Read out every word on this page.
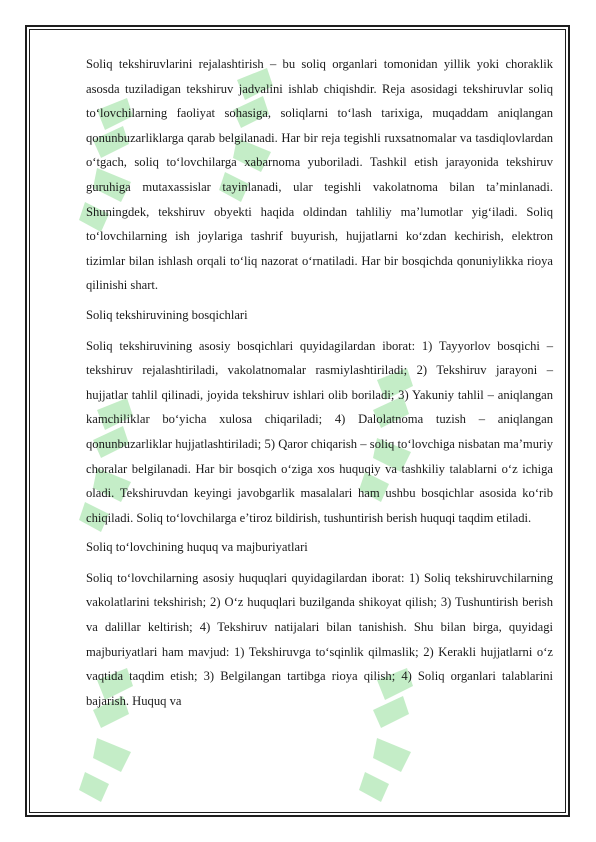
Soliq tekshiruvlarini rejalashtirish – bu soliq organlari tomonidan yillik yoki choraklik asosda tuziladigan tekshiruv jadvalini ishlab chiqishdir. Reja asosidagi tekshiruvlar soliq to‘lovchilarning faoliyat sohasiga, soliqlarni to‘lash tarixiga, muqaddam aniqlangan qonunbuzarliklarga qarab belgilanadi. Har bir reja tegishli ruxsatnomalar va tasdiqlovlardan o‘tgach, soliq to‘lovchilarga xabarnoma yuboriladi. Tashkil etish jarayonida tekshiruv guruhiga mutaxassislar tayinlanadi, ular tegishli vakolatnoma bilan ta’minlanadi. Shuningdek, tekshiruv obyekti haqida oldindan tahliliy ma’lumotlar yig‘iladi. Soliq to‘lovchilarning ish joylariga tashrif buyurish, hujjatlarni ko‘zdan kechirish, elektron tizimlar bilan ishlash orqali to‘liq nazorat o‘rnatiladi. Har bir bosqichda qonuniylikka rioya qilinishi shart.

Soliq tekshiruvining bosqichlari

Soliq tekshiruvining asosiy bosqichlari quyidagilardan iborat: 1) Tayyorlov bosqichi – tekshiruv rejalashtiriladi, vakolatnomalar rasmiylashtiriladi; 2) Tekshiruv jarayoni – hujjatlar tahlil qilinadi, joyida tekshiruv ishlari olib boriladi; 3) Yakuniy tahlil – aniqlangan kamchiliklar bo‘yicha xulosa chiqariladi; 4) Dalolatnoma tuzish – aniqlangan qonunbuzarliklar hujjatlashtiriladi; 5) Qaror chiqarish – soliq to‘lovchiga nisbatan ma’muriy choralar belgilanadi. Har bir bosqich o‘ziga xos huquqiy va tashkiliy talablarni o‘z ichiga oladi. Tekshiruvdan keyingi javobgarlik masalalari ham ushbu bosqichlar asosida ko‘rib chiqiladi. Soliq to‘lovchilarga e’tiroz bildirish, tushuntirish berish huquqi taqdim etiladi.

Soliq to‘lovchining huquq va majburiyatlari

Soliq to‘lovchilarning asosiy huquqlari quyidagilardan iborat: 1) Soliq tekshiruvchilarning vakolatlarini tekshirish; 2) O‘z huquqlari buzilganda shikoyat qilish; 3) Tushuntirish berish va dalillar keltirish; 4) Tekshiruv natijalari bilan tanishish. Shu bilan birga, quyidagi majburiyatlari ham mavjud: 1) Tekshiruvga to‘sqinlik qilmaslik; 2) Kerakli hujjatlarni o‘z vaqtida taqdim etish; 3) Belgilangan tartibga rioya qilish; 4) Soliq organlari talablarini bajarish. Huquq va
